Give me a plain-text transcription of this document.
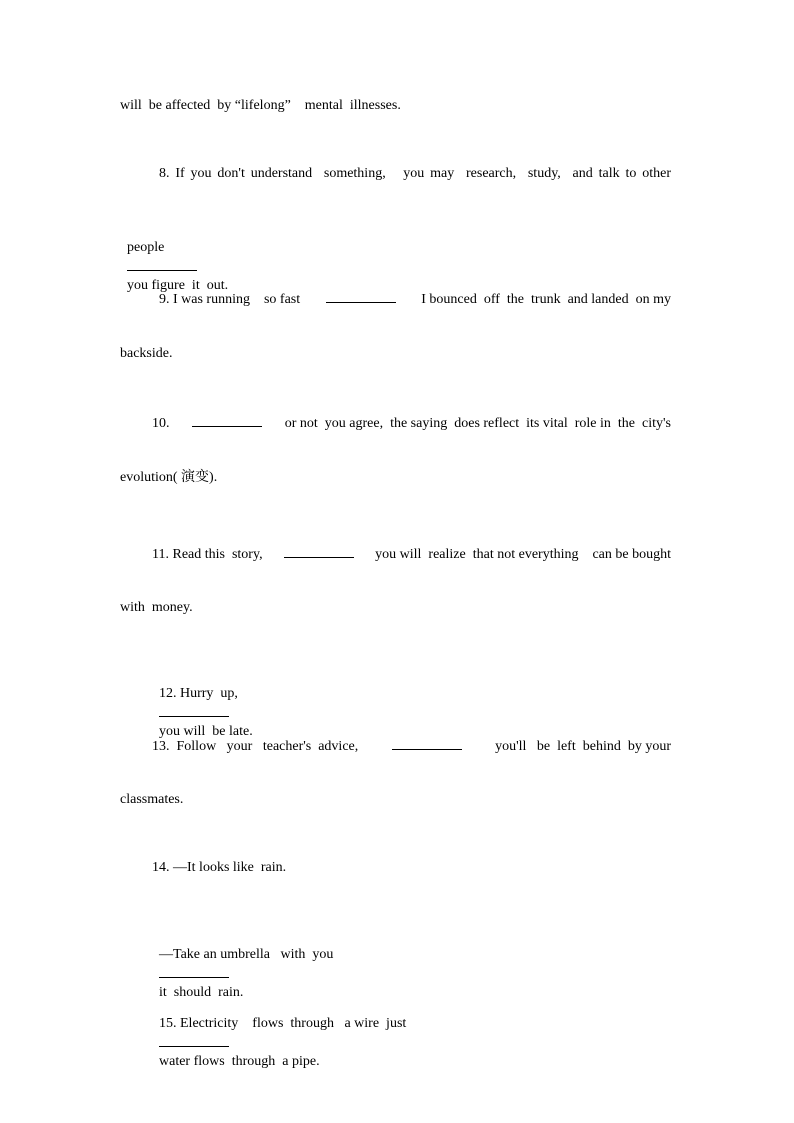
will  be affected  by “lifelong”    mental  illnesses.
8. If you don't understand  something,   you may  research,  study,  and talk to other

people

you figure  it  out.

9. I was running    so fast	I bounced  off  the  trunk  and landed  on my
backside.
10.	or not  you agree,  the saying  does reflect  its vital  role in  the  city's
evolution( 演变).
11. Read this  story,	you will  realize  that not everything    can be bought
with  money.

12. Hurry  up,

you will  be late.

13.  Follow   your   teacher's  advice,	you'll   be  left  behind  by your
classmates.
14. —It looks like  rain.

—Take an umbrella   with  you

it  should  rain.

15. Electricity    flows  through   a wire  just

water flows  through  a pipe.
